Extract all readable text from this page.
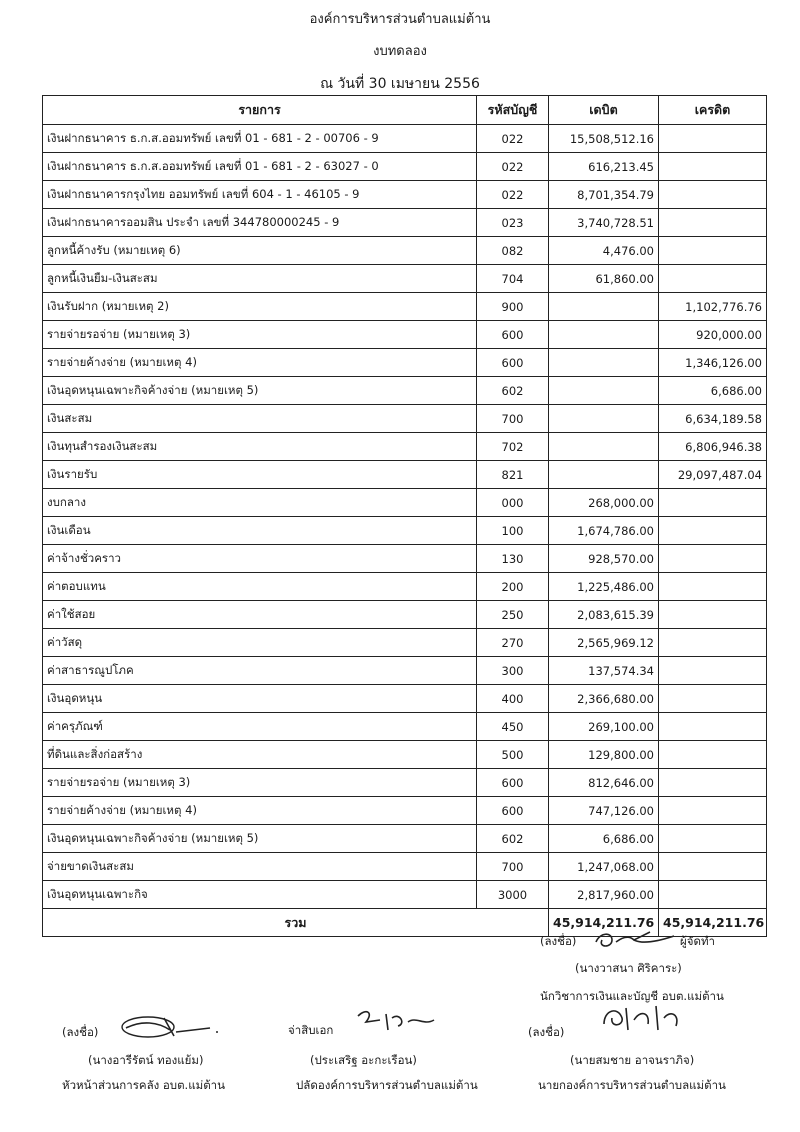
องค์การบริหารส่วนตำบลแม่ต้าน
งบทดลอง
ณ วันที่ 30 เมษายน 2556
รายการ	รหัสบัญชี	เดบิต	เครดิต
เงินฝากธนาคาร ธ.ก.ส.ออมทรัพย์ เลขที่ 01 - 681 - 2 - 00706 - 9	022	15,508,512.16	
เงินฝากธนาคาร ธ.ก.ส.ออมทรัพย์ เลขที่ 01 - 681 - 2 - 63027 - 0	022	616,213.45	
เงินฝากธนาคารกรุงไทย ออมทรัพย์ เลขที่ 604 - 1 - 46105 - 9	022	8,701,354.79	
เงินฝากธนาคารออมสิน ประจำ เลขที่ 344780000245 - 9	023	3,740,728.51	
ลูกหนี้ค้างรับ (หมายเหตุ 6)	082	4,476.00	
ลูกหนี้เงินยืม-เงินสะสม	704	61,860.00	
เงินรับฝาก (หมายเหตุ 2)	900		1,102,776.76
รายจ่ายรอจ่าย (หมายเหตุ 3)	600		920,000.00
รายจ่ายค้างจ่าย (หมายเหตุ 4)	600		1,346,126.00
เงินอุดหนุนเฉพาะกิจค้างจ่าย (หมายเหตุ 5)	602		6,686.00
เงินสะสม	700		6,634,189.58
เงินทุนสำรองเงินสะสม	702		6,806,946.38
เงินรายรับ	821		29,097,487.04
งบกลาง	000	268,000.00	
เงินเดือน	100	1,674,786.00	
ค่าจ้างชั่วคราว	130	928,570.00	
ค่าตอบแทน	200	1,225,486.00	
ค่าใช้สอย	250	2,083,615.39	
ค่าวัสดุ	270	2,565,969.12	
ค่าสาธารณูปโภค	300	137,574.34	
เงินอุดหนุน	400	2,366,680.00	
ค่าครุภัณฑ์	450	269,100.00	
ที่ดินและสิ่งก่อสร้าง	500	129,800.00	
รายจ่ายรอจ่าย (หมายเหตุ 3)	600	812,646.00	
รายจ่ายค้างจ่าย (หมายเหตุ 4)	600	747,126.00	
เงินอุดหนุนเฉพาะกิจค้างจ่าย (หมายเหตุ 5)	602	6,686.00	
จ่ายขาดเงินสะสม	700	1,247,068.00	
เงินอุดหนุนเฉพาะกิจ	3000	2,817,960.00	
รวม		45,914,211.76	45,914,211.76
(ลงชื่อ)	ผู้จัดทำ
(นางวาสนา ศิริคาระ)
นักวิชาการเงินและบัญชี อบต.แม่ต้าน
(ลงชื่อ)
(นางอารีรัตน์ ทองแย้ม)
หัวหน้าส่วนการคลัง อบต.แม่ต้าน
จ่าสิบเอก
(ประเสริฐ อะกะเรือน)
ปลัดองค์การบริหารส่วนตำบลแม่ต้าน
(ลงชื่อ)
(นายสมชาย อาจนราภิจ)
นายกองค์การบริหารส่วนตำบลแม่ต้าน
